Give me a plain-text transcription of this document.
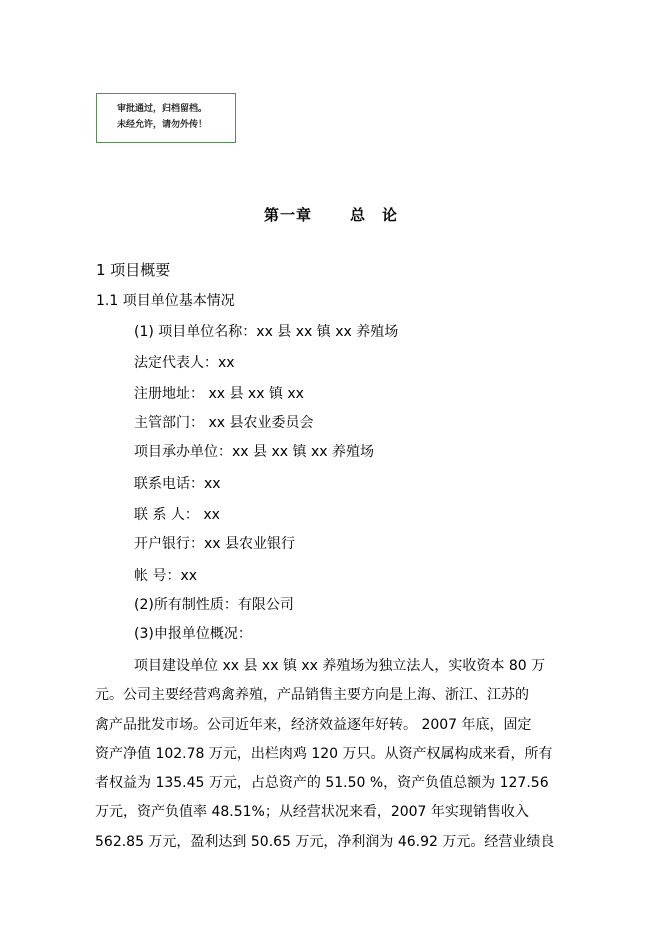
审批通过，归档留档。
未经允许，请勿外传！
第一章	总　论
1 项目概要
1.1 项目单位基本情况
(1) 项目单位名称：xx 县 xx 镇 xx 养殖场
法定代表人：xx
注册地址： xx 县 xx 镇 xx
主管部门： xx 县农业委员会
项目承办单位：xx 县 xx 镇 xx 养殖场
联系电话：xx
联 系 人： xx
开户银行：xx 县农业银行
帐 号：xx
(2)所有制性质：有限公司
(3)申报单位概况：
项目建设单位 xx 县 xx 镇 xx 养殖场为独立法人，实收资本 80 万
元。公司主要经营鸡禽养殖，产品销售主要方向是上海、浙江、江苏的
禽产品批发市场。公司近年来，经济效益逐年好转。 2007 年底，固定
资产净值 102.78 万元，出栏肉鸡 120 万只。从资产权属构成来看，所有
者权益为 135.45 万元，占总资产的 51.50 %，资产负值总额为 127.56
万元，资产负值率 48.51%；从经营状况来看，2007 年实现销售收入
562.85 万元，盈利达到 50.65 万元，净利润为 46.92 万元。经营业绩良
